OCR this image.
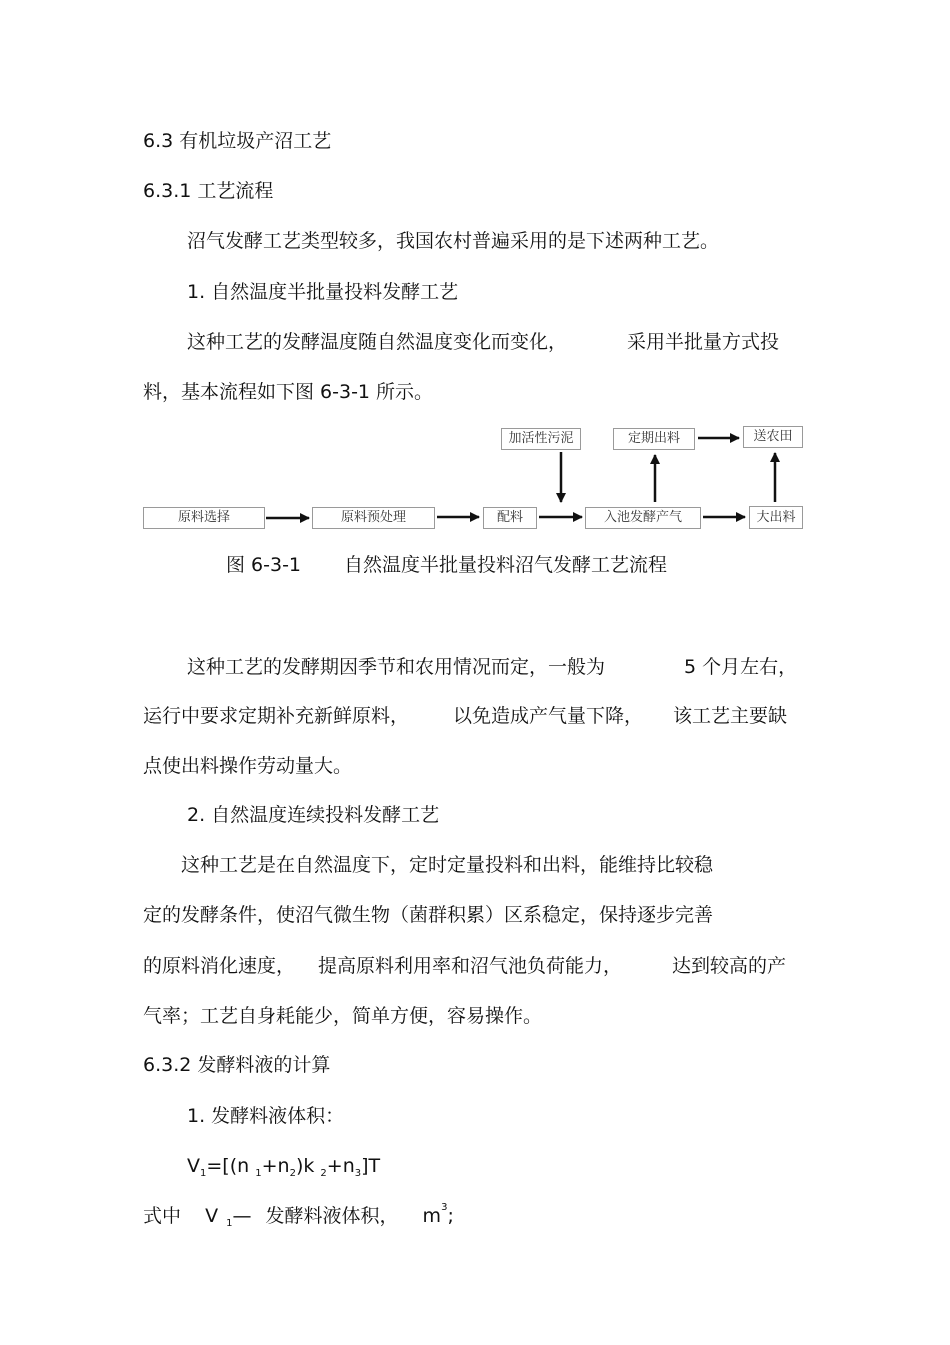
6.3 有机垃圾产沼工艺
6.3.1 工艺流程
沼气发酵工艺类型较多，我国农村普遍采用的是下述两种工艺。
1. 自然温度半批量投料发酵工艺
这种工艺的发酵温度随自然温度变化而变化，	采用半批量方式投
料，基本流程如下图 6-3-1 所示。
原料选择	原料预处理	配料
加活性污泥
入池发酵产气
定期出料	送农田
大出料
图 6-3-1 自然温度半批量投料沼气发酵工艺流程
这种工艺的发酵期因季节和农用情况而定，一般为	5 个月左右，
运行中要求定期补充新鲜原料， 以免造成产气量下降， 该工艺主要缺
点使出料操作劳动量大。
2. 自然温度连续投料发酵工艺
这种工艺是在自然温度下，定时定量投料和出料，能维持比较稳
定的发酵条件，使沼气微生物（菌群积累）区系稳定，保持逐步完善
的原料消化速度， 提高原料利用率和沼气池负荷能力，	达到较高的产
气率；工艺自身耗能少，简单方便，容易操作。
6.3.2 发酵料液的计算
1. 发酵料液体积：
$V_1=[(n$ $_1+n_2)k$ $_2+n_3]T$
式中 V $_1$— 发酵料液体积， $m^3$;
